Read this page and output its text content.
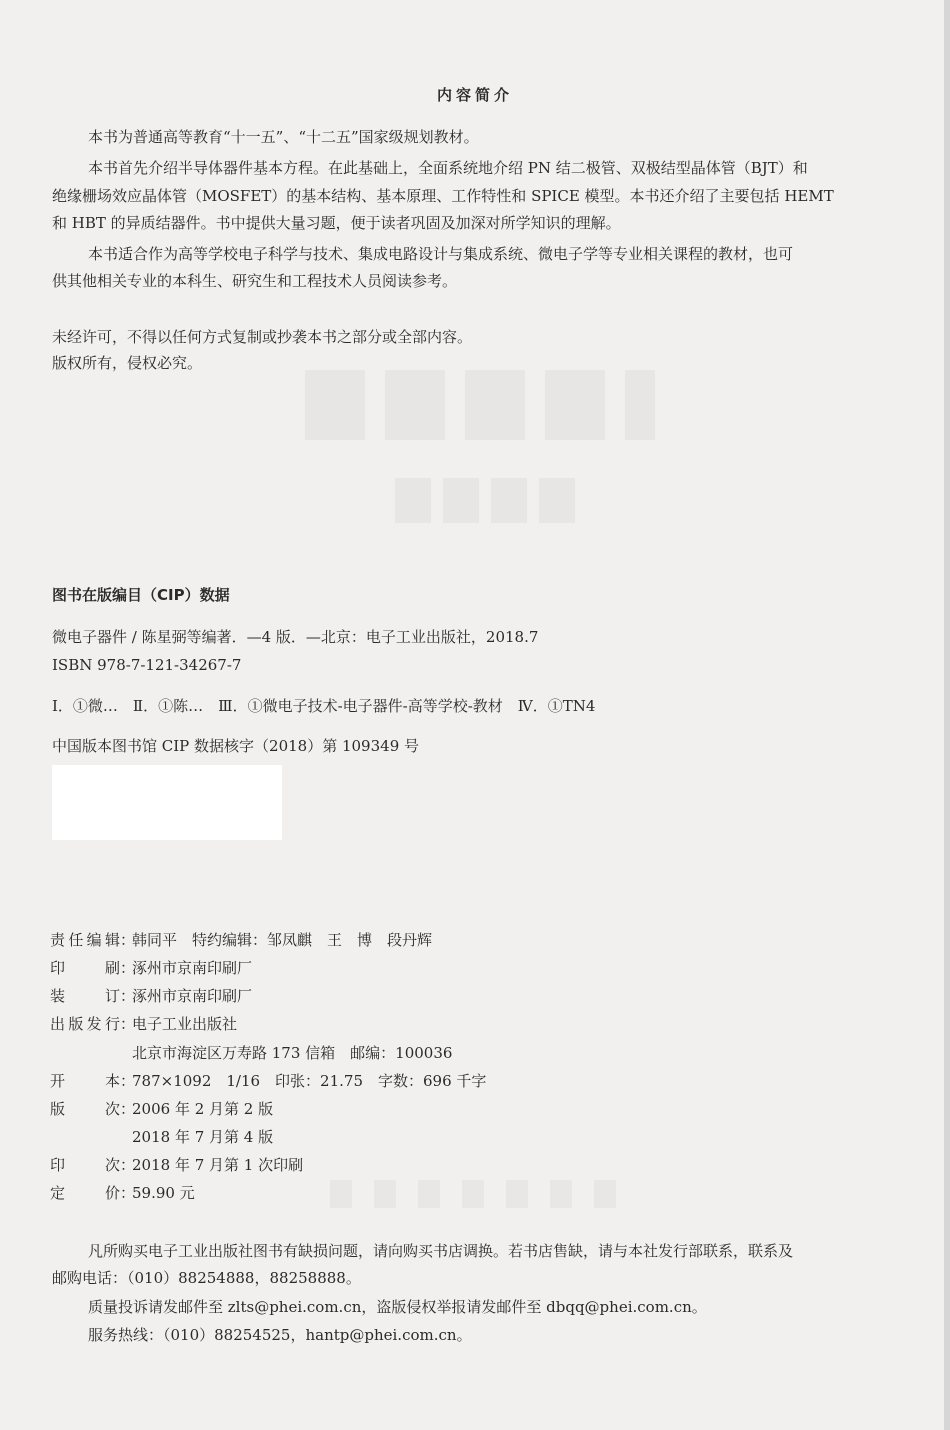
内容简介
本书为普通高等教育“十一五”、“十二五”国家级规划教材。
本书首先介绍半导体器件基本方程。在此基础上，全面系统地介绍 PN 结二极管、双极结型晶体管（BJT）和
绝缘栅场效应晶体管（MOSFET）的基本结构、基本原理、工作特性和 SPICE 模型。本书还介绍了主要包括 HEMT
和 HBT 的异质结器件。书中提供大量习题，便于读者巩固及加深对所学知识的理解。
本书适合作为高等学校电子科学与技术、集成电路设计与集成系统、微电子学等专业相关课程的教材，也可
供其他相关专业的本科生、研究生和工程技术人员阅读参考。
未经许可，不得以任何方式复制或抄袭本书之部分或全部内容。
版权所有，侵权必究。
图书在版编目（CIP）数据
微电子器件 / 陈星弼等编著．—4 版．—北京：电子工业出版社，2018.7
ISBN 978-7-121-34267-7
Ⅰ．①微…　Ⅱ．①陈…　Ⅲ．①微电子技术-电子器件-高等学校-教材　Ⅳ．①TN4
中国版本图书馆 CIP 数据核字（2018）第 109349 号
责任编辑：韩同平　特约编辑：邹凤麒　王　博　段丹辉
印刷：涿州市京南印刷厂
装订：涿州市京南印刷厂
出版发行：电子工业出版社
北京市海淀区万寿路 173 信箱　邮编：100036
开本：787×1092　1/16　印张：21.75　字数：696 千字
版次：2006 年 2 月第 2 版
2018 年 7 月第 4 版
印次：2018 年 7 月第 1 次印刷
定价：59.90 元
凡所购买电子工业出版社图书有缺损问题，请向购买书店调换。若书店售缺，请与本社发行部联系，联系及
邮购电话：（010）88254888，88258888。
质量投诉请发邮件至 zlts@phei.com.cn，盗版侵权举报请发邮件至 dbqq@phei.com.cn。
服务热线：（010）88254525，hantp@phei.com.cn。
